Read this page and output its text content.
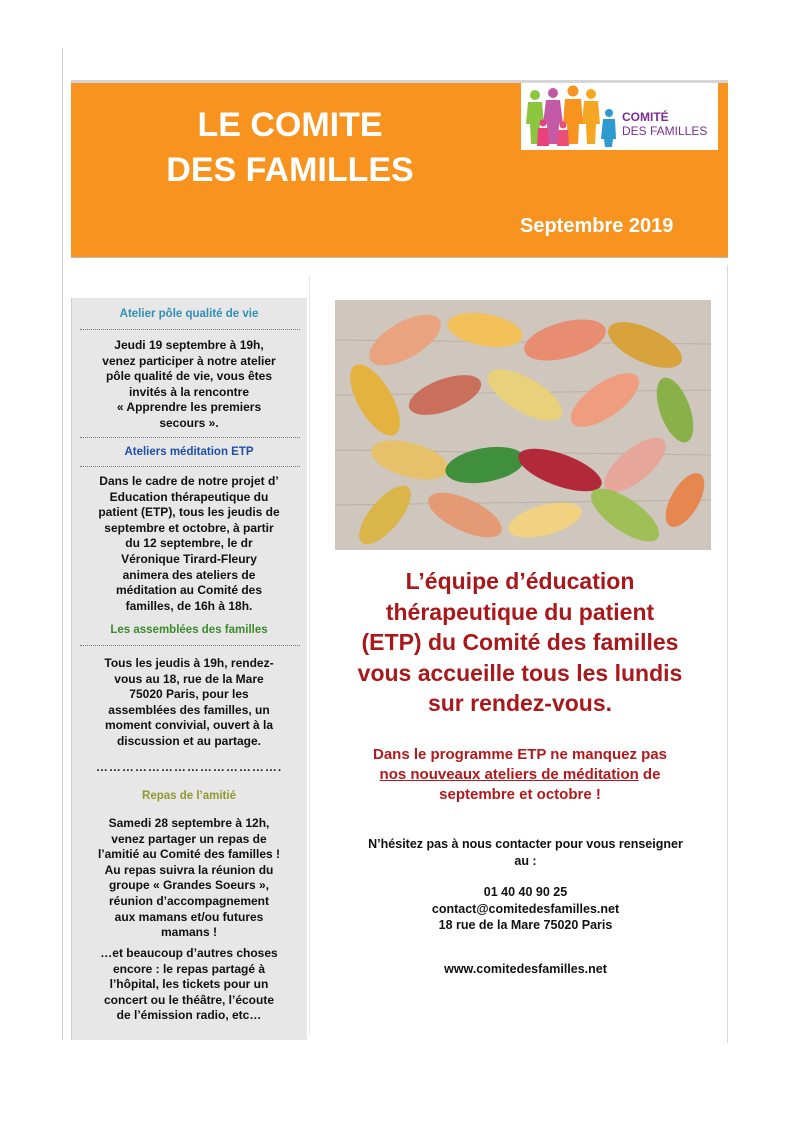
LE COMITE
DES FAMILLES
Septembre 2019
COMITÉ
DES FAMILLES
Atelier pôle qualité de vie
Jeudi 19 septembre à 19h,
venez participer à notre atelier
pôle qualité de vie, vous êtes
invités à la rencontre
« Apprendre les premiers
secours ».
Ateliers méditation ETP
Dans le cadre de notre projet d’
Education thérapeutique du
patient (ETP), tous les jeudis de
septembre et octobre, à partir
du 12 septembre, le dr
Véronique Tirard-Fleury
animera des ateliers de
méditation au Comité des
familles, de 16h à 18h.
Les assemblées des familles
Tous les jeudis à 19h, rendez-
vous au 18, rue de la Mare
75020 Paris, pour les
assemblées des familles, un
moment convivial, ouvert à la
discussion et au partage.
…………………………………….
Repas de l’amitié
Samedi 28 septembre à 12h,
venez partager un repas de
l’amitié au Comité des familles !
Au repas suivra la réunion du
groupe « Grandes Soeurs »,
réunion d’accompagnement
aux mamans et/ou futures
mamans !
…et beaucoup d’autres choses
encore : le repas partagé à
l’hôpital, les tickets pour un
concert ou le théâtre, l’écoute
de l’émission radio, etc…
L’équipe d’éducation
thérapeutique du patient
(ETP) du Comité des familles
vous accueille tous les lundis
sur rendez-vous.
Dans le programme ETP ne manquez pas
nos nouveaux ateliers de méditation de
septembre et octobre !
N’hésitez pas à nous contacter pour vous renseigner
au :
01 40 40 90 25
contact@comitedesfamilles.net
18 rue de la Mare 75020 Paris
www.comitedesfamilles.net
